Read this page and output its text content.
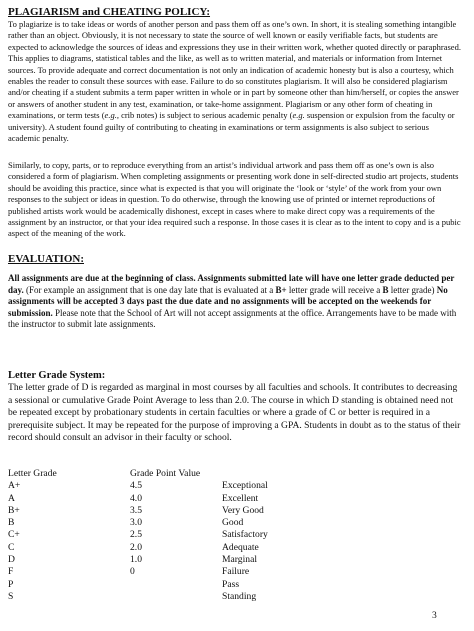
PLAGIARISM and CHEATING POLICY:

To plagiarize is to take ideas or words of another person and pass them off as one’s own. In short, it is stealing something intangible rather than an object. Obviously, it is not necessary to state the source of well known or easily verifiable facts, but students are expected to acknowledge the sources of ideas and expressions they use in their written work, whether quoted directly or paraphrased. This applies to diagrams, statistical tables and the like, as well as to written material, and materials or information from Internet sources. To provide adequate and correct documentation is not only an indication of academic honesty but is also a courtesy, which enables the reader to consult these sources with ease. Failure to do so constitutes plagiarism. It will also be considered plagiarism and/or cheating if a student submits a term paper written in whole or in part by someone other than him/herself, or copies the answer or answers of another student in any test, examination, or take-home assignment. Plagiarism or any other form of cheating in examinations, or term tests (e.g., crib notes) is subject to serious academic penalty (e.g. suspension or expulsion from the faculty or university). A student found guilty of contributing to cheating in examinations or term assignments is also subject to serious academic penalty.

Similarly, to copy, parts, or to reproduce everything from an artist’s individual artwork and pass them off as one’s own is also considered a form of plagiarism. When completing assignments or presenting work done in self-directed studio art projects, students should be avoiding this practice, since what is expected is that you will originate the ‘look or ‘style’ of the work from your own responses to the subject or ideas in question. To do otherwise, through the knowing use of printed or internet reproductions of published artists work would be academically dishonest, except in cases where to make direct copy was a requirements of the assignment by an instructor, or that your idea required such a response. In those cases it is clear as to the intent to copy and is a pubic aspect of the meaning of the work.

EVALUATION:

All assignments are due at the beginning of class. Assignments submitted late will have one letter grade deducted per day. (For example an assignment that is one day late that is evaluated at a B+ letter grade will receive a B letter grade) No assignments will be accepted 3 days past the due date and no assignments will be accepted on the weekends for submission. Please note that the School of Art will not accept assignments at the office. Arrangements have to be made with the instructor to submit late assignments.

Letter Grade System:

The letter grade of D is regarded as marginal in most courses by all faculties and schools. It contributes to decreasing a sessional or cumulative Grade Point Average to less than 2.0. The course in which D standing is obtained need not be repeated except by probationary students in certain faculties or where a grade of C or better is required in a prerequisite subject. It may be repeated for the purpose of improving a GPA. Students in doubt as to the status of their record should consult an advisor in their faculty or school.

Letter Grade	Grade Point Value	
A+	4.5	Exceptional
A	4.0	Excellent
B+	3.5	Very Good
B	3.0	Good
C+	2.5	Satisfactory
C	2.0	Adequate
D	1.0	Marginal
F	0	Failure
P		Pass
S		Standing
3
